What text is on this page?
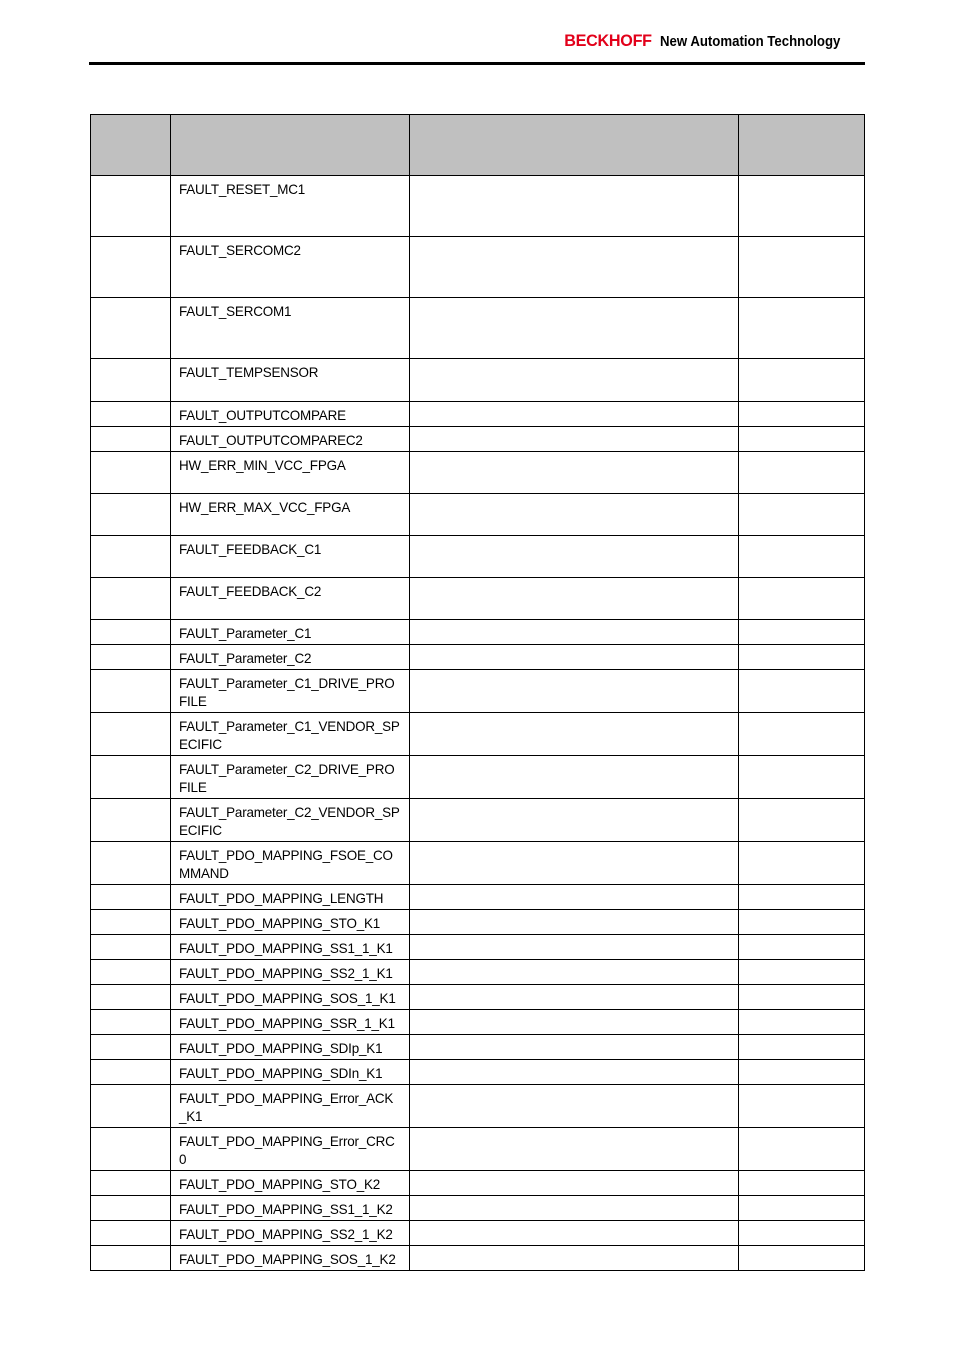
BECKHOFF New Automation Technology

	FAULT_RESET_MC1		
	FAULT_SERCOMC2		
	FAULT_SERCOM1		
	FAULT_TEMPSENSOR		
	FAULT_OUTPUTCOMPARE		
	FAULT_OUTPUTCOMPAREC2		
	HW_ERR_MIN_VCC_FPGA		
	HW_ERR_MAX_VCC_FPGA		
	FAULT_FEEDBACK_C1		
	FAULT_FEEDBACK_C2		
	FAULT_Parameter_C1		
	FAULT_Parameter_C2		
	FAULT_Parameter_C1_DRIVE_PROFILE		
	FAULT_Parameter_C1_VENDOR_SPECIFIC		
	FAULT_Parameter_C2_DRIVE_PROFILE		
	FAULT_Parameter_C2_VENDOR_SPECIFIC		
	FAULT_PDO_MAPPING_FSOE_COMMAND		
	FAULT_PDO_MAPPING_LENGTH		
	FAULT_PDO_MAPPING_STO_K1		
	FAULT_PDO_MAPPING_SS1_1_K1		
	FAULT_PDO_MAPPING_SS2_1_K1		
	FAULT_PDO_MAPPING_SOS_1_K1		
	FAULT_PDO_MAPPING_SSR_1_K1		
	FAULT_PDO_MAPPING_SDIp_K1		
	FAULT_PDO_MAPPING_SDIn_K1		
	FAULT_PDO_MAPPING_Error_ACK_K1		
	FAULT_PDO_MAPPING_Error_CRC0		
	FAULT_PDO_MAPPING_STO_K2		
	FAULT_PDO_MAPPING_SS1_1_K2		
	FAULT_PDO_MAPPING_SS2_1_K2		
	FAULT_PDO_MAPPING_SOS_1_K2		
